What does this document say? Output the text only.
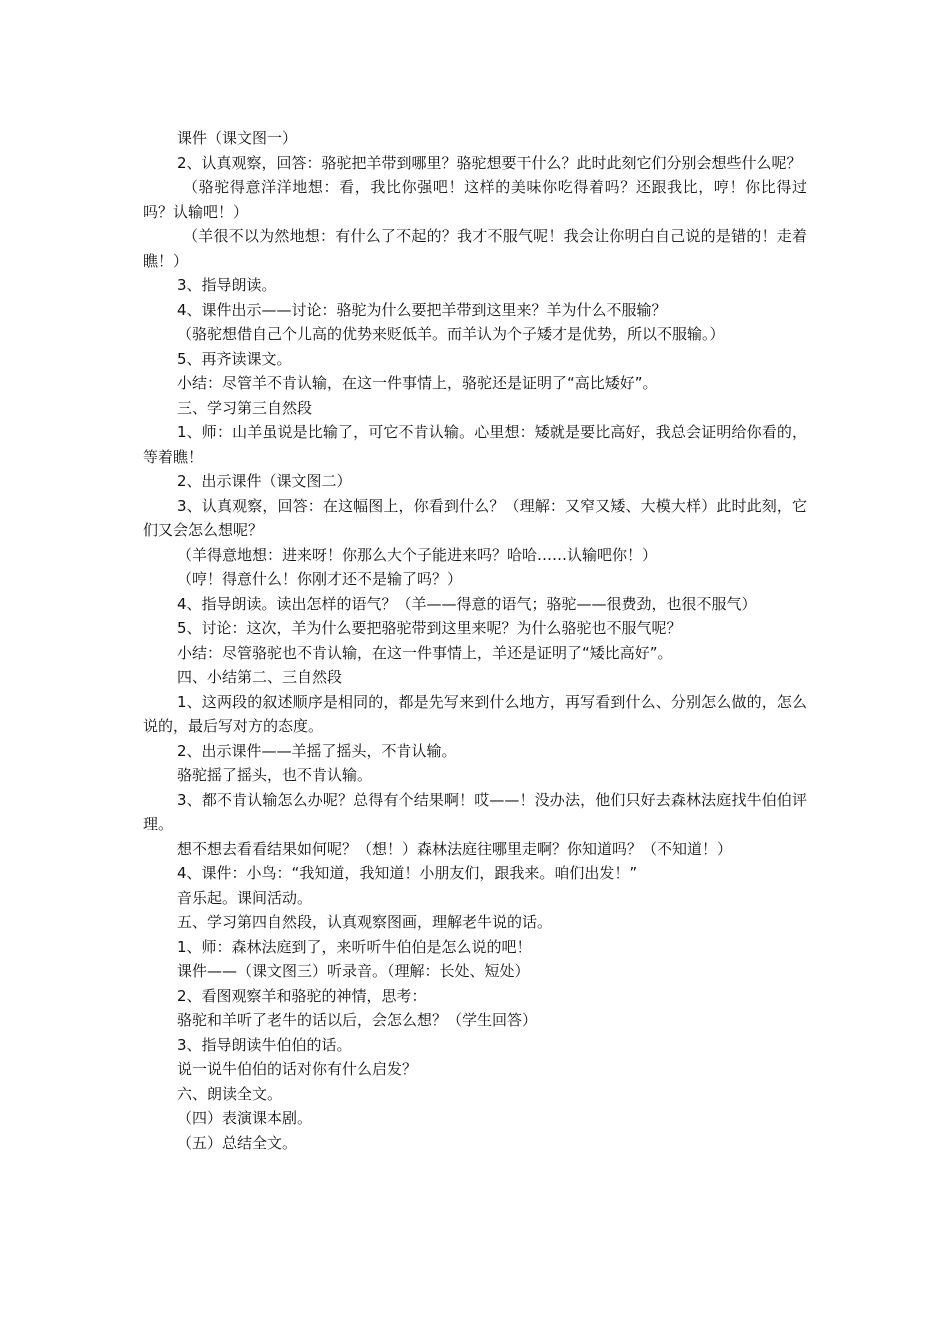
课件（课文图一）

2、认真观察，回答：骆驼把羊带到哪里？骆驼想要干什么？此时此刻它们分别会想些什么呢？

（骆驼得意洋洋地想：看，我比你强吧！这样的美味你吃得着吗？还跟我比，哼！你比得过吗？认输吧！）

（羊很不以为然地想：有什么了不起的？我才不服气呢！我会让你明白自己说的是错的！走着瞧！）

3、指导朗读。

4、课件出示——讨论：骆驼为什么要把羊带到这里来？羊为什么不服输？

（骆驼想借自己个儿高的优势来贬低羊。而羊认为个子矮才是优势，所以不服输。）

5、再齐读课文。

小结：尽管羊不肯认输，在这一件事情上，骆驼还是证明了“高比矮好”。

三、学习第三自然段

1、师：山羊虽说是比输了，可它不肯认输。心里想：矮就是要比高好，我总会证明给你看的，等着瞧！

2、出示课件（课文图二）

3、认真观察，回答：在这幅图上，你看到什么？（理解：又窄又矮、大模大样）此时此刻，它们又会怎么想呢？

（羊得意地想：进来呀！你那么大个子能进来吗？哈哈……认输吧你！）

（哼！得意什么！你刚才还不是输了吗？）

4、指导朗读。读出怎样的语气？（羊——得意的语气；骆驼——很费劲，也很不服气）

5、讨论：这次，羊为什么要把骆驼带到这里来呢？为什么骆驼也不服气呢？

小结：尽管骆驼也不肯认输，在这一件事情上，羊还是证明了“矮比高好”。

四、小结第二、三自然段

1、这两段的叙述顺序是相同的，都是先写来到什么地方，再写看到什么、分别怎么做的，怎么说的，最后写对方的态度。

2、出示课件——羊摇了摇头，不肯认输。

骆驼摇了摇头，也不肯认输。

3、都不肯认输怎么办呢？总得有个结果啊！哎——！没办法，他们只好去森林法庭找牛伯伯评理。

想不想去看看结果如何呢？（想！）森林法庭往哪里走啊？你知道吗？（不知道！）

4、课件：小鸟：“我知道，我知道！小朋友们，跟我来。咱们出发！”

音乐起。课间活动。

五、学习第四自然段，认真观察图画，理解老牛说的话。

1、师：森林法庭到了，来听听牛伯伯是怎么说的吧！

课件——（课文图三）听录音。（理解：长处、短处）

2、看图观察羊和骆驼的神情，思考：

骆驼和羊听了老牛的话以后，会怎么想？（学生回答）

3、指导朗读牛伯伯的话。

说一说牛伯伯的话对你有什么启发？

六、朗读全文。

（四）表演课本剧。

（五）总结全文。
